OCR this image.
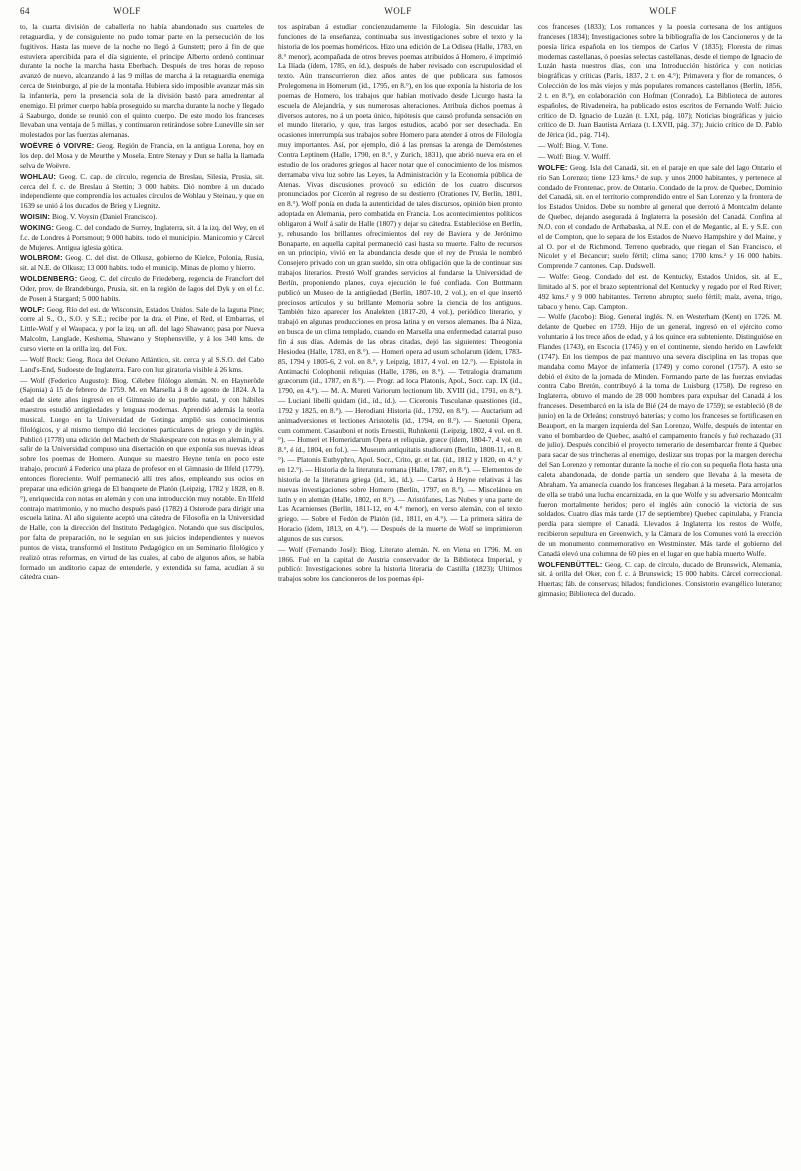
64	WOLF	WOLF	WOLF

to, la cuarta división de caballería no había abandonado sus cuarteles de retaguardia, y de consiguiente no pudo tomar parte en la persecución de los fugitivos. Hasta las nueve de la noche no llegó á Gunstett; pero á fin de que estuviera apercibida para el día siguiente, el príncipe Alberto ordenó continuar durante la noche la marcha hasta Eberbach. Después de tres horas de reposo avanzó de nuevo, alcanzando á las 9 millas de marcha á la retaguardia enemiga cerca de Steinburgo, al pie de la montaña. Hubiera sido imposible avanzar más sin la infantería, pero la presencia sola de la división bastó para amedrentar al enemigo. El primer cuerpo había proseguido su marcha durante la noche y llegado á Saaburgo, donde se reunió con el quinto cuerpo. De este modo los franceses llevaban una ventaja de 5 millas, y continuaron retirándose sobre Luneville sin ser molestados por las fuerzas alemanas.

WOËVRE ó VOIVRE: Geog. Región de Francia, en la antigua Lorena, hoy en los dep. del Mosa y de Meurthe y Mosela. Entre Stenay y Dun se halla la llamada selva de Woëvre.

WOHLAU: Geog. C. cap. de círculo, regencia de Breslau, Silesia, Prusia, sit. cerca del f. c. de Breslau á Stettin; 3 000 habits. Dió nombre á un ducado independiente que comprendía los actuales círculos de Wohlau y Steinau, y que en 1639 se unió á los ducados de Brieg y Liegnitz.

WOISIN: Biog. V. Voysin (Daniel Francisco).

WOKING: Geog. C. del condado de Surrey, Inglaterra, sit. á la izq. del Wey, en el f.c. de Londres á Portsmout; 9 000 habits. todo el municipio. Manicomio y Cárcel de Mujeres. Antigua iglesia gótica.

WOLBROM: Geog. C. del dist. de Olkusz, gobierno de Kielce, Polonia, Rusia, sit. al N.E. de Olkusz; 13 000 habits. todo el municip. Minas de plomo y hierro.

WOLDENBERG: Geog. C. del círculo de Friedeberg, regencia de Francfort del Oder, prov. de Brandeburgo, Prusia, sit. en la región de lagos del Dyk y en el f.c. de Posen á Stargard; 5 000 habits.

WOLF: Geog. Río del est. de Wisconsin, Estados Unidos. Sale de la laguna Pine; corre al S., O., S.O. y S.E.; recibe por la dra. el Pine, el Red, el Embarras, el Little-Wolf y el Waupaca, y por la izq. un afl. del lago Shawano; pasa por Nueva Malcolm, Langlade, Keshema, Shawano y Stephensville, y á los 340 kms. de curso vierte en la orilla izq. del Fox.

— Wolf Rock: Geog. Roca del Océano Atlántico, sit. cerca y al S.S.O. del Cabo Land's-End, Sudoeste de Inglaterra. Faro con luz giratoria visible á 26 kms.

— Wolf (Federico Augusto): Biog. Célebre filólogo alemán. N. en Hayneröde (Sajonia) á 15 de febrero de 1759. M. en Marsella á 8 de agosto de 1824. A la edad de siete años ingresó en el Gimnasio de su pueblo natal, y con hábiles maestros estudió antigüedades y lenguas modernas. Aprendió además la teoría musical. Luego en la Universidad de Gotinga amplió sus conocimientos filológicos, y al mismo tiempo dió lecciones particulares de griego y de inglés. Publicó (1778) una edición del Macbeth de Shakespeare con notas en alemán, y al salir de la Universidad compuso una disertación en que exponía sus nuevas ideas sobre los poemas de Homero. Aunque su maestro Heyne tenía en poco este trabajo, procuró á Federico una plaza de profesor en el Gimnasio de Ilfeld (1779), entonces floreciente. Wolf permaneció allí tres años, empleando sus ocios en preparar una edición griega de El banquete de Platón (Leipzig, 1782 y 1828, en 8.°), enriquecida con notas en alemán y con una introducción muy notable. En Ilfeld contrajo matrimonio, y no mucho después pasó (1782) á Osterode para dirigir una escuela latina. Al año siguiente aceptó una cátedra de Filosofía en la Universidad de Halle, con la dirección del Instituto Pedagógico. Notando que sus discípulos, por falta de preparación, no le seguían en sus juicios independientes y nuevos puntos de vista, transformó el Instituto Pedagógico en un Seminario filológico y realizó otras reformas, en virtud de las cuales, al cabo de algunos años, se había formado un auditorio capaz de entenderle, y extendida su fama, acudían á su cátedra cuan-

tos aspiraban á estudiar concienzudamente la Filología. Sin descuidar las funciones de la enseñanza, continuaba sus investigaciones sobre el texto y la historia de los poemas homéricos. Hizo una edición de La Odisea (Halle, 1783, en 8.° menor), acompañada de otros breves poemas atribuídos á Homero, é imprimió La Ilíada (ídem, 1785, en íd.), después de haber revisado con escrupulosidad el texto. Aún transcurrieron diez años antes de que publicara sus famosos Prolegomena in Homerum (íd., 1795, en 8.°), en los que exponía la historia de los poemas de Homero, los trabajos que habían motivado desde Licurgo hasta la escuela de Alejandría, y sus numerosas alteraciones. Atribuía dichos poemas á diversos autores, no á un poeta único, hipótesis que causó profunda sensación en el mundo literario, y que, tras largos estudios, acabó por ser desechada. En ocasiones interrumpía sus trabajos sobre Homero para atender á otros de Filología muy importantes. Así, por ejemplo, dió á las prensas la arenga de Demóstenes Contra Leptinem (Halle, 1790, en 8.°, y Zurich, 1831), que abrió nueva era en el estudio de los oradores griegos al hacer notar que el conocimiento de los mismos derramaba viva luz sobre las Leyes, la Administración y la Economía pública de Atenas. Vivas discusiones provocó su edición de los cuatro discursos pronunciados por Cicerón al regreso de su destierro (Orationes IV, Berlín, 1801, en 8.°). Wolf ponía en duda la autenticidad de tales discursos, opinión bien pronto adoptada en Alemania, pero combatida en Francia. Los acontecimientos políticos obligaron á Wolf á salir de Halle (1807) y dejar su cátedra. Establecióse en Berlín, y, rehusando los brillantes ofrecimientos del rey de Baviera y de Jerónimo Bonaparte, en aquella capital permaneció casi hasta su muerte. Falto de recursos en un principio, vivió en la abundancia desde que el rey de Prusia le nombró Consejero privado con un gran sueldo, sin otra obligación que la de continuar sus trabajos literarios. Prestó Wolf grandes servicios al fundarse la Universidad de Berlín, proponiendo planes, cuya ejecución le fué confiada. Con Buttmann publicó un Museo de la antigüedad (Berlín, 1807-10, 2 vol.), en el que insertó preciosos artículos y su brillante Memoria sobre la ciencia de los antiguos. También hizo aparecer los Analekten (1817-20, 4 vol.), periódico literario, y trabajó en algunas producciones en prosa latina y en versos alemanes. Iba á Niza, en busca de un clima templado, cuando en Marsella una enfermedad catarral puso fin á sus días. Además de las obras citadas, dejó las siguientes: Theogonia Hesiodea (Halle, 1783, en 8.°). — Homeri opera ad usum scholarum (ídem, 1783-85, 1794 y 1805-6, 2 vol. en 8.°, y Leipzig, 1817, 4 vol. en 12.°). — Epistola in Antimachi Colophonii reliquias (Halle, 1786, en 8.°). — Tetralogia dramatum græcorum (íd., 1787, en 8.°). — Progr. ad loca Platonis, Apol., Socr. cap. IX (íd., 1790, en 4.°). — M. A. Mureti Variorum lectionum lib. XVIII (íd., 1791, en 8.°). — Luciani libelli quidam (íd., íd., íd.). — Ciceronis Tusculanæ quæstiones (íd., 1792 y 1825, en 8.°). — Herodiani Historia (íd., 1792, en 8.°). — Auctarium ad animadversiones et lectiones Aristotelis (íd., 1794, en 8.°). — Suetonii Opera, cum comment. Casauboni et notis Ernestii, Ruhnkenii (Leipzig, 1802, 4 vol. en 8.°). — Homeri et Homeridarum Opera et reliquiæ, græce (ídem, 1804-7, 4 vol. en 8.°, é íd., 1804, en fol.). — Museum antiquitatis studiorum (Berlín, 1808-11, en 8.°). — Platonis Euthyphro, Apol. Socr., Crito, gr. et lat. (íd., 1812 y 1820, en 4.° y en 12.°). — Historia de la literatura romana (Halle, 1787, en 8.°). — Elementos de historia de la literatura griega (íd., íd., íd.). — Cartas á Heyne relativas á las nuevas investigaciones sobre Homero (Berlín, 1797, en 8.°). — Miscelánea en latín y en alemán (Halle, 1802, en 8.°). — Aristófanes, Las Nubes y una parte de Las Acarnienses (Berlín, 1811-12, en 4.° menor), en verso alemán, con el texto griego. — Sobre el Fedón de Platón (íd., 1811, en 4.°). — La primera sátira de Horacio (ídem, 1813, en 4.°). — Después de la muerte de Wolf se imprimieron algunos de sus cursos.

— Wolf (Fernando José): Biog. Literato alemán. N. en Viena en 1796. M. en 1866. Fué en la capital de Austria conservador de la Biblioteca Imperial, y publicó: Investigaciones sobre la historia literaria de Castilla (1823); Ultimos trabajos sobre los cancioneros de los poemas épi-

cos franceses (1833); Los romances y la poesía cortesana de los antiguos franceses (1834); Investigaciones sobre la bibliografía de los Cancioneros y de la poesía lírica española en los tiempos de Carlos V (1835); Floresta de rimas modernas castellanas, ó poesías selectas castellanas, desde el tiempo de Ignacio de Luzán hasta nuestros días, con una Introducción histórica y con noticias biográficas y críticas (París, 1837, 2 t. en 4.°); Primavera y flor de romances, ó Colección de los más viejos y más populares romances castellanos (Berlín, 1856, 2 t. en 8.°), en colaboración con Hofman (Conrado), La Biblioteca de autores españoles, de Rivadeneira, ha publicado estos escritos de Fernando Wolf: Juicio crítico de D. Ignacio de Luzán (t. LXI, pág. 107); Noticias biográficas y juicio crítico de D. Juan Bautista Arriaza (t. LXVII, pág. 37); Juicio crítico de D. Pablo de Jérica (íd., pág. 714).

— Wolf: Biog. V. Tone.

— Wolf: Biog. V. Wolff.

WOLFE: Geog. Isla del Canadá, sit. en el paraje en que sale del lago Ontario el río San Lorenzo; tiene 123 kms.² de sup. y unos 2000 habitantes, y pertenece al condado de Frontenac, prov. de Ontario. Condado de la prov. de Quebec, Dominio del Canadá, sit. en el territorio comprendido entre el San Lorenzo y la frontera de los Estados Unidos. Debe su nombre al general que derrotó á Montcalm delante de Quebec, dejando asegurada á Inglaterra la posesión del Canadá. Confina al N.O. con el condado de Arthabaska, al N.E. con el de Megantic, al E. y S.E. con el de Compton, que lo separa de los Estados de Nuevo Hampshire y del Maine, y al O. por el de Richmond. Terreno quebrado, que riegan el San Francisco, el Nicolet y el Becancur; suelo fértil; clima sano; 1700 kms.² y 16 000 habits. Comprende 7 cantones. Cap. Dudswell.

— Wolfe: Geog. Condado del est. de Kentucky, Estados Unidos, sit. al E., limitado al S. por el brazo septentrional del Kentucky y regado por el Red River; 492 kms.² y 9 000 habitantes. Terreno abrupto; suelo fértil; maíz, avena, trigo, tabaco y heno. Cap. Campton.

— Wolfe (Jacobo): Biog. General inglés. N. en Westerham (Kent) en 1726. M. delante de Quebec en 1759. Hijo de un general, ingresó en el ejército como voluntario á los trece años de edad, y á los quince era subteniente. Distinguióse en Flandes (1743), en Escocia (1745) y en el continente, siendo herido en Lawfeldt (1747). En los tiempos de paz mantuvo una severa disciplina en las tropas que mandaba como Mayor de infantería (1749) y como coronel (1757). A esto se debió el éxito de la jornada de Minden. Formando parte de las fuerzas enviadas contra Cabo Bretón, contribuyó á la toma de Luisburg (1758). De regreso en Inglaterra, obtuvo el mando de 28 000 hombres para expulsar del Canadá á los franceses. Desembarcó en la isla de Bié (24 de mayo de 1759); se estableció (8 de junio) en la de Orleáns; construyó baterías; y como los franceses se fortificasen en Beauport, en la margen izquierda del San Lorenzo, Wolfe, después de intentar en vano el bombardeo de Quebec, asaltó el campamento francés y fué rechazado (31 de julio). Después concibió el proyecto temerario de desembarcar frente á Quebec para sacar de sus trincheras al enemigo, deslizar sus tropas por la margen derecha del San Lorenzo y remontar durante la noche el río con su pequeña flota hasta una caleta abandonada, de donde partía un sendero que llevaba á la meseta de Abraham. Ya amanecía cuando los franceses llegaban á la meseta. Para arrojarlos de ella se trabó una lucha encarnizada, en la que Wolfe y su adversario Montcalm fueron mortalmente heridos; pero el inglés aún conoció la victoria de sus soldados. Cuatro días más tarde (17 de septiembre) Quebec capitulaba, y Francia perdía para siempre el Canadá. Llevados á Inglaterra los restos de Wolfe, recibieron sepultura en Greenwich, y la Cámara de los Comunes votó la erección de un monumento conmemorativo en Westminster. Más tarde el gobierno del Canadá elevó una columna de 60 pies en el lugar en que había muerto Wolfe.

WOLFENBÜTTEL: Geog. C. cap. de círculo, ducado de Brunswick, Alemania, sit. á orilla del Oker, con f. c. á Brunswick; 15 000 habits. Cárcel correccional. Huertas; fáb. de conservas; hilados; fundiciones. Consistorio evangélico luterano; gimnasio; Biblioteca del ducado.
